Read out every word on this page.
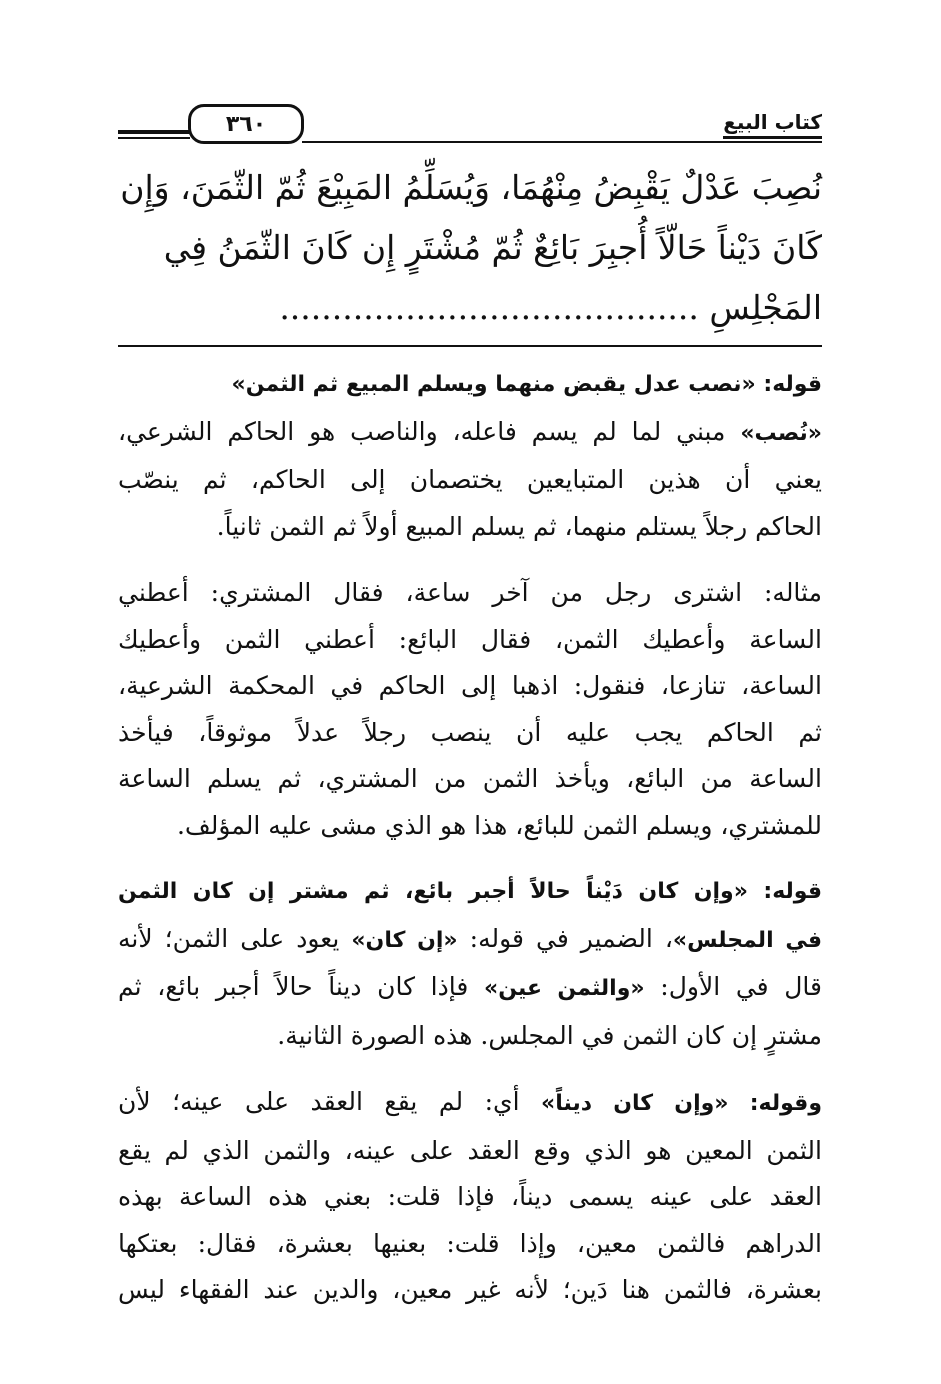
كتاب البيع
٣٦٠
نُصِبَ عَدْلٌ يَقْبِضُ مِنْهُمَا، وَيُسَلِّمُ المَبِيْعَ ثُمّ الثّمَنَ، وَإِن
كَانَ دَيْناً حَالّاً أُجبِرَ بَائِعٌ ثُمّ مُشْتَرٍ إِن كَانَ الثّمَنُ فِي
المَجْلِسِ ........................................
قوله: «نصب عدل يقبض منهما ويسلم المبيع ثم الثمن»
«نُصب» مبني لما لم يسم فاعله، والناصب هو الحاكم الشرعي،
يعني أن هذين المتبايعين يختصمان إلى الحاكم، ثم ينصّب
الحاكم رجلاً يستلم منهما، ثم يسلم المبيع أولاً ثم الثمن ثانياً.
مثاله: اشترى رجل من آخر ساعة، فقال المشتري: أعطني
الساعة وأعطيك الثمن، فقال البائع: أعطني الثمن وأعطيك
الساعة، تنازعا، فنقول: اذهبا إلى الحاكم في المحكمة الشرعية،
ثم الحاكم يجب عليه أن ينصب رجلاً عدلاً موثوقاً، فيأخذ
الساعة من البائع، ويأخذ الثمن من المشتري، ثم يسلم الساعة
للمشتري، ويسلم الثمن للبائع، هذا هو الذي مشى عليه المؤلف.
قوله: «وإن كان دَيْناً حالاً أجبر بائع، ثم مشتر إن كان الثمن
في المجلس»، الضمير في قوله: «إن كان» يعود على الثمن؛ لأنه
قال في الأول: «والثمن عين» فإذا كان ديناً حالاً أجبر بائع، ثم
مشترٍ إن كان الثمن في المجلس. هذه الصورة الثانية.
وقوله: «وإن كان ديناً» أي: لم يقع العقد على عينه؛ لأن
الثمن المعين هو الذي وقع العقد على عينه، والثمن الذي لم يقع
العقد على عينه يسمى ديناً، فإذا قلت: بعني هذه الساعة بهذه
الدراهم فالثمن معين، وإذا قلت: بعنيها بعشرة، فقال: بعتكها
بعشرة، فالثمن هنا دَين؛ لأنه غير معين، والدين عند الفقهاء ليس
